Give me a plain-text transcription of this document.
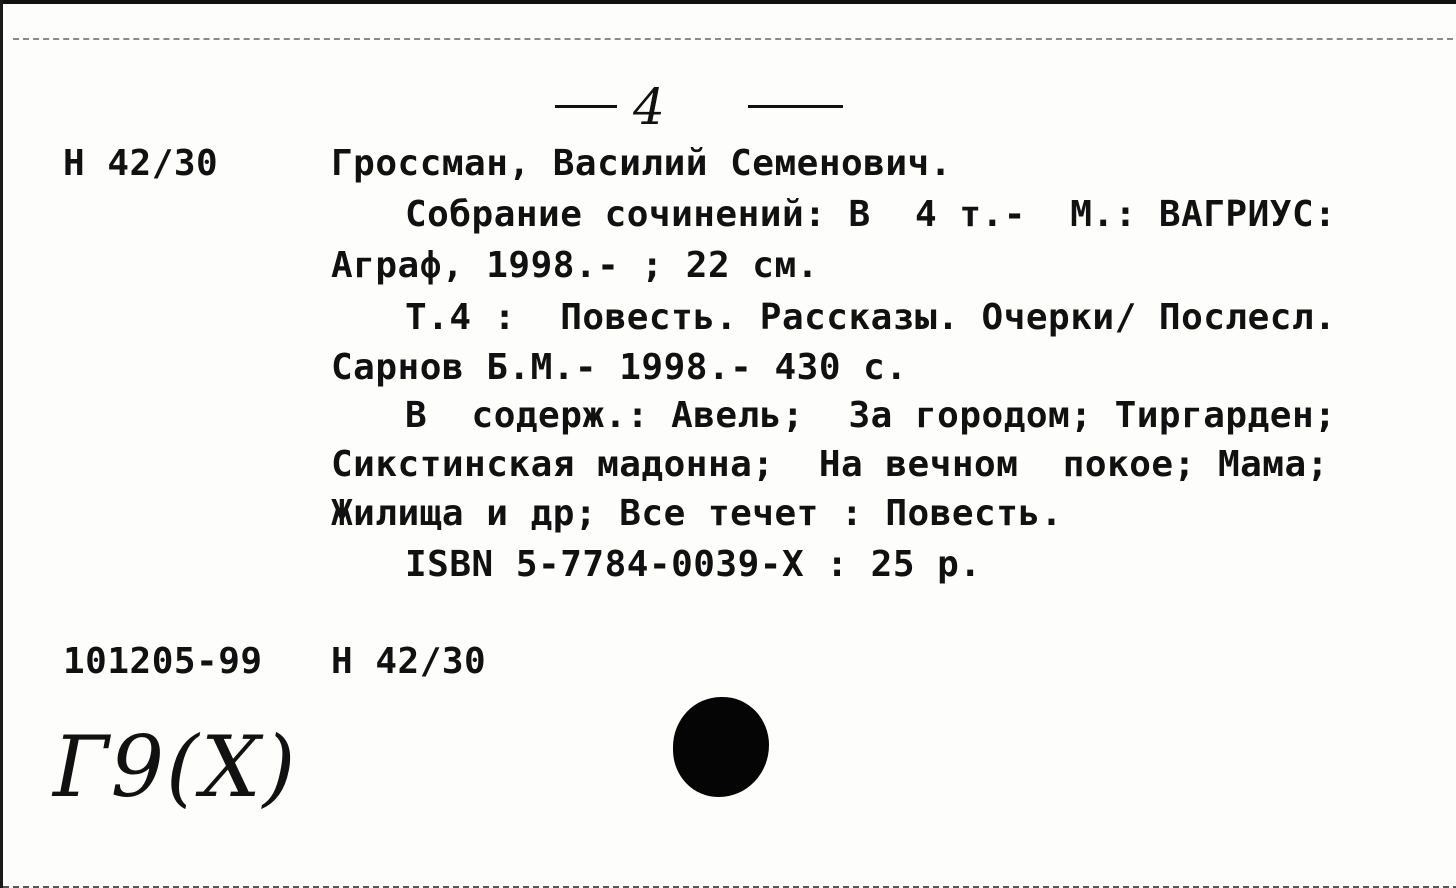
4
Н 42/30	Гроссман, Василий Семенович.
Собрание сочинений: В  4 т.-  М.: ВАГРИУС:
Аграф, 1998.- ; 22 см.
Т.4 :  Повесть. Рассказы. Очерки/ Послесл.
Сарнов Б.М.- 1998.- 430 с.
В  содерж.: Авель;  За городом; Тиргарден;
Сикстинская мадонна;  На вечном  покое; Мама;
Жилища и др; Все течет : Повесть.
ISBN 5-7784-0039-X : 25 р.
101205-99 Н 42/30
Г9(Х)
